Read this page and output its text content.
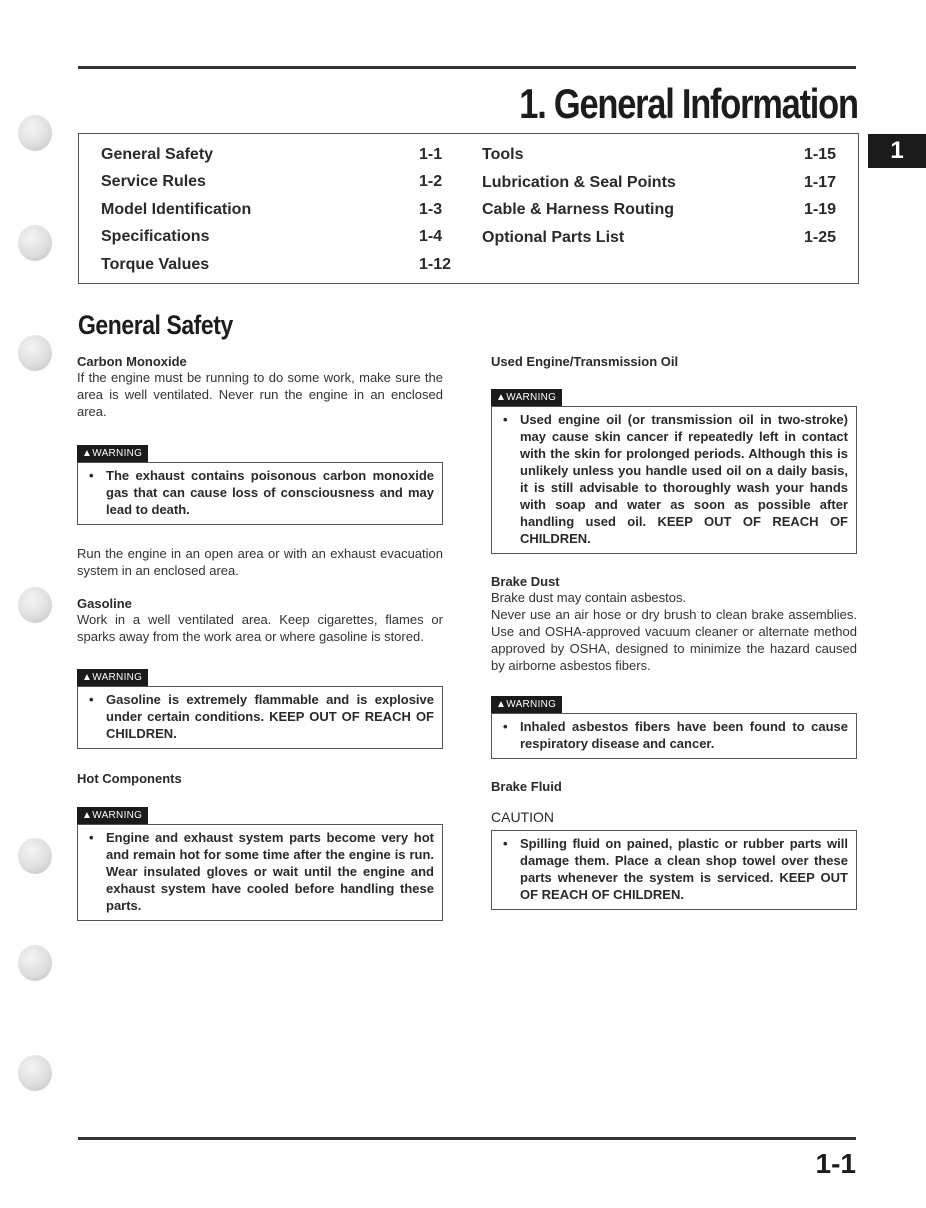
1. General Information
1
General Safety	1-1
Service Rules	1-2
Model Identification	1-3
Specifications	1-4
Torque Values	1-12
Tools	1-15
Lubrication & Seal Points	1-17
Cable & Harness Routing	1-19
Optional Parts List	1-25
General Safety

Carbon Monoxide

If the engine must be running to do some work, make sure the area is well ventilated. Never run the engine in an enclosed area.

▲WARNING
• The exhaust contains poisonous carbon monoxide gas that can cause loss of consciousness and may lead to death.

Run the engine in an open area or with an exhaust evacuation system in an enclosed area.

Gasoline

Work in a well ventilated area. Keep cigarettes, flames or sparks away from the work area or where gasoline is stored.

▲WARNING
• Gasoline is extremely flammable and is explosive under certain conditions. KEEP OUT OF REACH OF CHILDREN.

Hot Components

▲WARNING
• Engine and exhaust system parts become very hot and remain hot for some time after the engine is run. Wear insulated gloves or wait until the engine and exhaust system have cooled before handling these parts.

Used Engine/Transmission Oil

▲WARNING
• Used engine oil (or transmission oil in two-stroke) may cause skin cancer if repeatedly left in contact with the skin for prolonged periods. Although this is unlikely unless you handle used oil on a daily basis, it is still advisable to thoroughly wash your hands with soap and water as soon as possible after handling used oil. KEEP OUT OF REACH OF CHILDREN.

Brake Dust

Brake dust may contain asbestos.

Never use an air hose or dry brush to clean brake assemblies. Use and OSHA-approved vacuum cleaner or alternate method approved by OSHA, designed to minimize the hazard caused by airborne asbestos fibers.

▲WARNING
• Inhaled asbestos fibers have been found to cause respiratory disease and cancer.

Brake Fluid

CAUTION

• Spilling fluid on pained, plastic or rubber parts will damage them. Place a clean shop towel over these parts whenever the system is serviced. KEEP OUT OF REACH OF CHILDREN.
1-1
